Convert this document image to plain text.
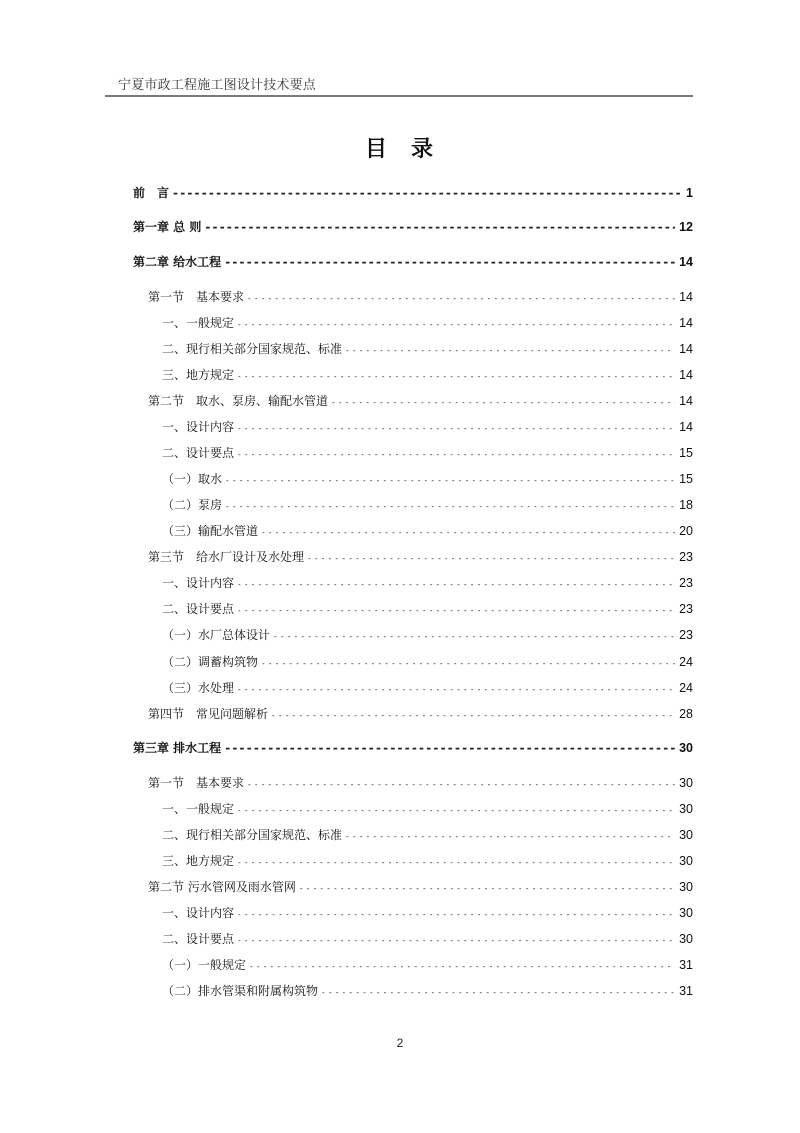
宁夏市政工程施工图设计技术要点
目 录
前　言 -----	1
第一章 总 则 -----	12
第二章 给水工程 -----	14
第一节　基本要求 - - -	14
一、一般规定 - - -	14
二、现行相关部分国家规范、标准 - - -	14
三、地方规定 - - -	14
第二节　取水、泵房、输配水管道 - - -	14
一、设计内容 - - -	14
二、设计要点 - - -	15
（一）取水 - - -	15
（二）泵房 - - -	18
（三）输配水管道 - - -	20
第三节　给水厂设计及水处理 - - -	23
一、设计内容 - - -	23
二、设计要点 - - -	23
（一）水厂总体设计 - - -	23
（二）调蓄构筑物 - - -	24
（三）水处理 - - -	24
第四节　常见问题解析 - - -	28
第三章 排水工程 -----	30
第一节　基本要求 - - -	30
一、一般规定 - - -	30
二、现行相关部分国家规范、标准 - - -	30
三、地方规定 - - -	30
第二节 污水管网及雨水管网 - - -	30
一、设计内容 - - -	30
二、设计要点 - - -	30
（一）一般规定 - - -	31
（二）排水管渠和附属构筑物 - - -	31
2
